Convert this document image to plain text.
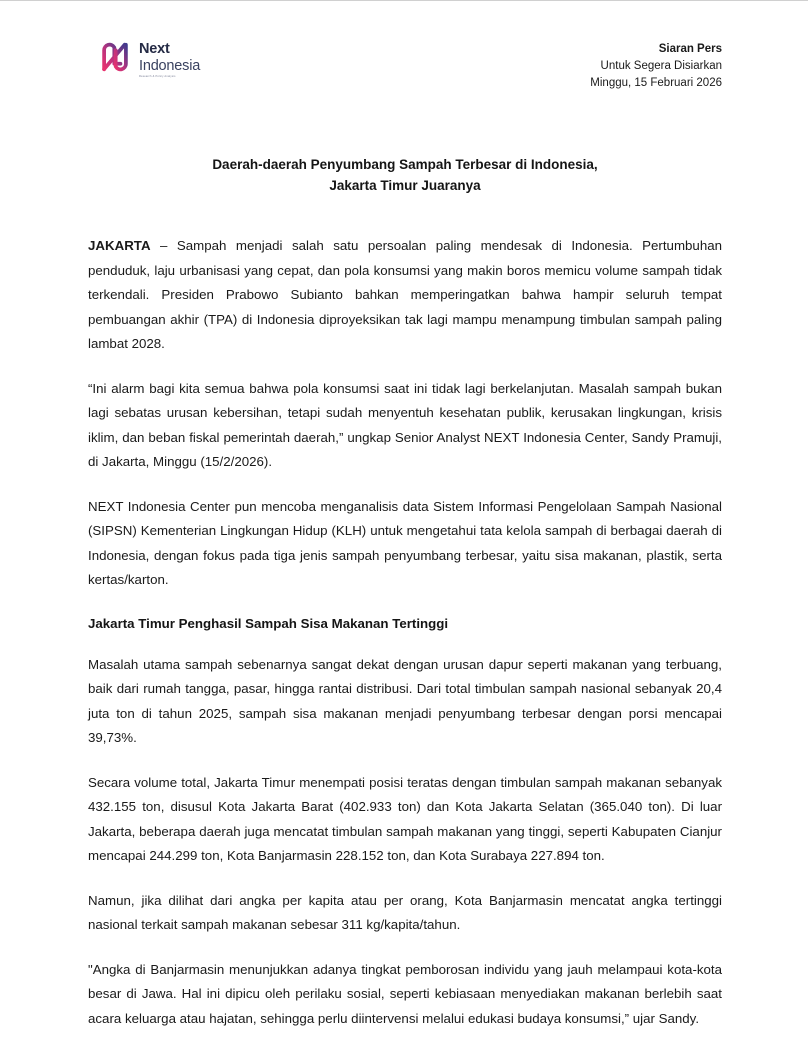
Next
Indonesia
Research & Policy Analysis
Siaran Pers
Untuk Segera Disiarkan
Minggu, 15 Februari 2026
Daerah-daerah Penyumbang Sampah Terbesar di Indonesia,
Jakarta Timur Juaranya

JAKARTA – Sampah menjadi salah satu persoalan paling mendesak di Indonesia. Pertumbuhan penduduk, laju urbanisasi yang cepat, dan pola konsumsi yang makin boros memicu volume sampah tidak terkendali. Presiden Prabowo Subianto bahkan memperingatkan bahwa hampir seluruh tempat pembuangan akhir (TPA) di Indonesia diproyeksikan tak lagi mampu menampung timbulan sampah paling lambat 2028.

“Ini alarm bagi kita semua bahwa pola konsumsi saat ini tidak lagi berkelanjutan. Masalah sampah bukan lagi sebatas urusan kebersihan, tetapi sudah menyentuh kesehatan publik, kerusakan lingkungan, krisis iklim, dan beban fiskal pemerintah daerah,” ungkap Senior Analyst NEXT Indonesia Center, Sandy Pramuji, di Jakarta, Minggu (15/2/2026).

NEXT Indonesia Center pun mencoba menganalisis data Sistem Informasi Pengelolaan Sampah Nasional (SIPSN) Kementerian Lingkungan Hidup (KLH) untuk mengetahui tata kelola sampah di berbagai daerah di Indonesia, dengan fokus pada tiga jenis sampah penyumbang terbesar, yaitu sisa makanan, plastik, serta kertas/karton.

Jakarta Timur Penghasil Sampah Sisa Makanan Tertinggi

Masalah utama sampah sebenarnya sangat dekat dengan urusan dapur seperti makanan yang terbuang, baik dari rumah tangga, pasar, hingga rantai distribusi. Dari total timbulan sampah nasional sebanyak 20,4 juta ton di tahun 2025, sampah sisa makanan menjadi penyumbang terbesar dengan porsi mencapai 39,73%.

Secara volume total, Jakarta Timur menempati posisi teratas dengan timbulan sampah makanan sebanyak 432.155 ton, disusul Kota Jakarta Barat (402.933 ton) dan Kota Jakarta Selatan (365.040 ton). Di luar Jakarta, beberapa daerah juga mencatat timbulan sampah makanan yang tinggi, seperti Kabupaten Cianjur mencapai 244.299 ton, Kota Banjarmasin 228.152 ton, dan Kota Surabaya 227.894 ton.

Namun, jika dilihat dari angka per kapita atau per orang, Kota Banjarmasin mencatat angka tertinggi nasional terkait sampah makanan sebesar 311 kg/kapita/tahun.

"Angka di Banjarmasin menunjukkan adanya tingkat pemborosan individu yang jauh melampaui kota-kota besar di Jawa. Hal ini dipicu oleh perilaku sosial, seperti kebiasaan menyediakan makanan berlebih saat acara keluarga atau hajatan, sehingga perlu diintervensi melalui edukasi budaya konsumsi,” ujar Sandy.
